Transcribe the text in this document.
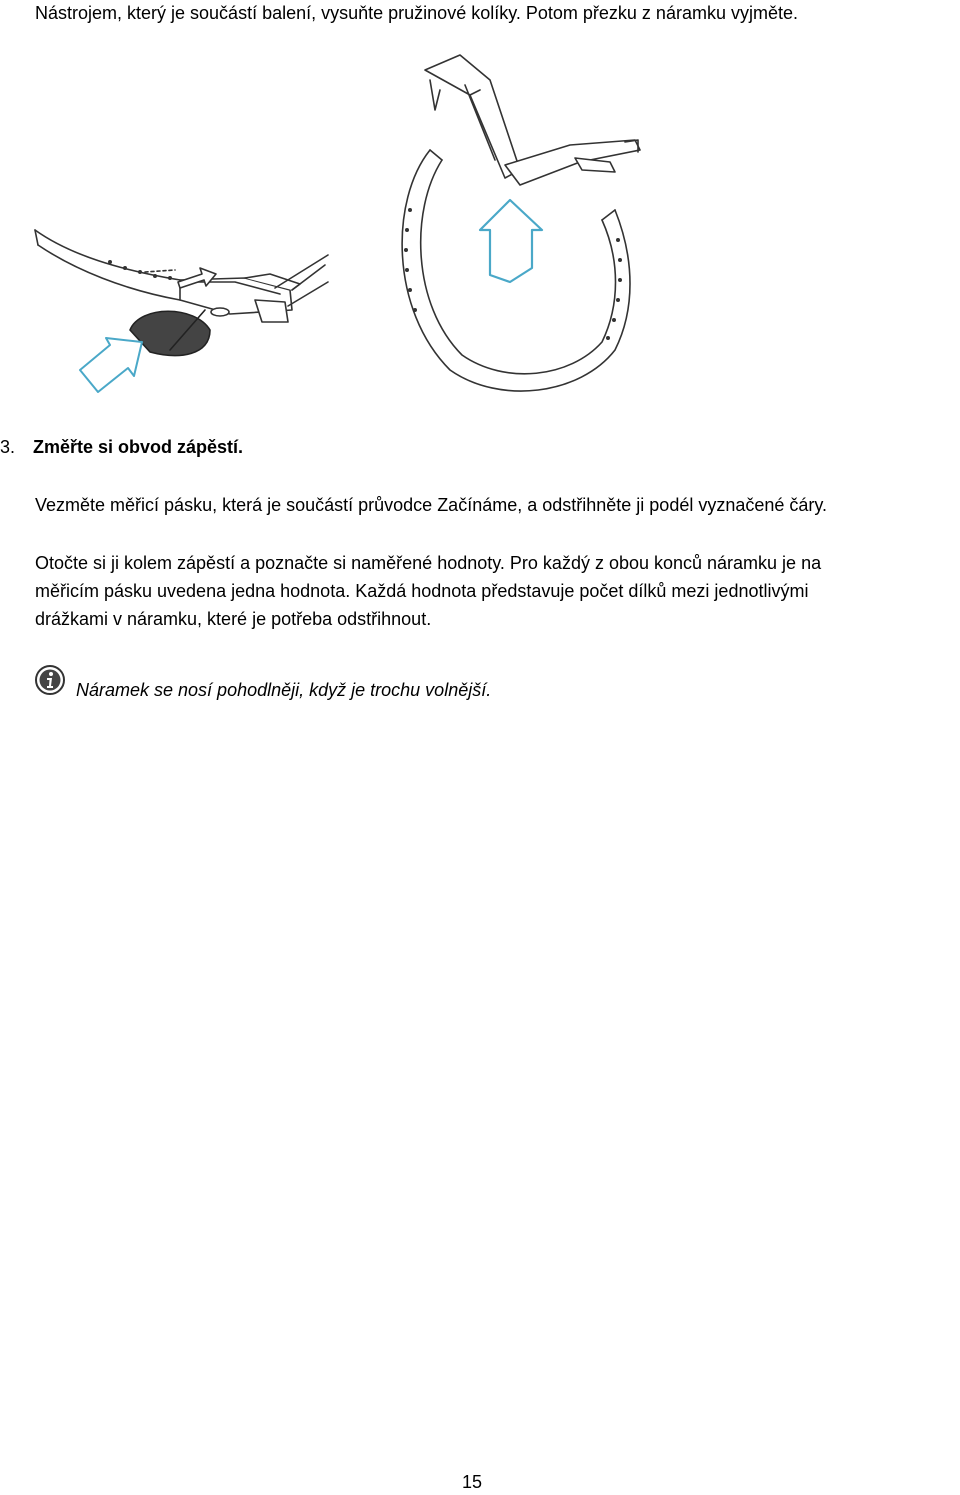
Nástrojem, který je součástí balení, vysuňte pružinové kolíky. Potom přezku z náramku vyjměte.
3. Změřte si obvod zápěstí.
Vezměte měřicí pásku, která je součástí průvodce Začínáme, a odstřihněte ji podél vyznačené čáry.
Otočte si ji kolem zápěstí a poznačte si naměřené hodnoty. Pro každý z obou konců náramku je na
měřicím pásku uvedena jedna hodnota. Každá hodnota představuje počet dílků mezi jednotlivými
drážkami v náramku, které je potřeba odstřihnout.
Náramek se nosí pohodlněji, když je trochu volnější.
15
